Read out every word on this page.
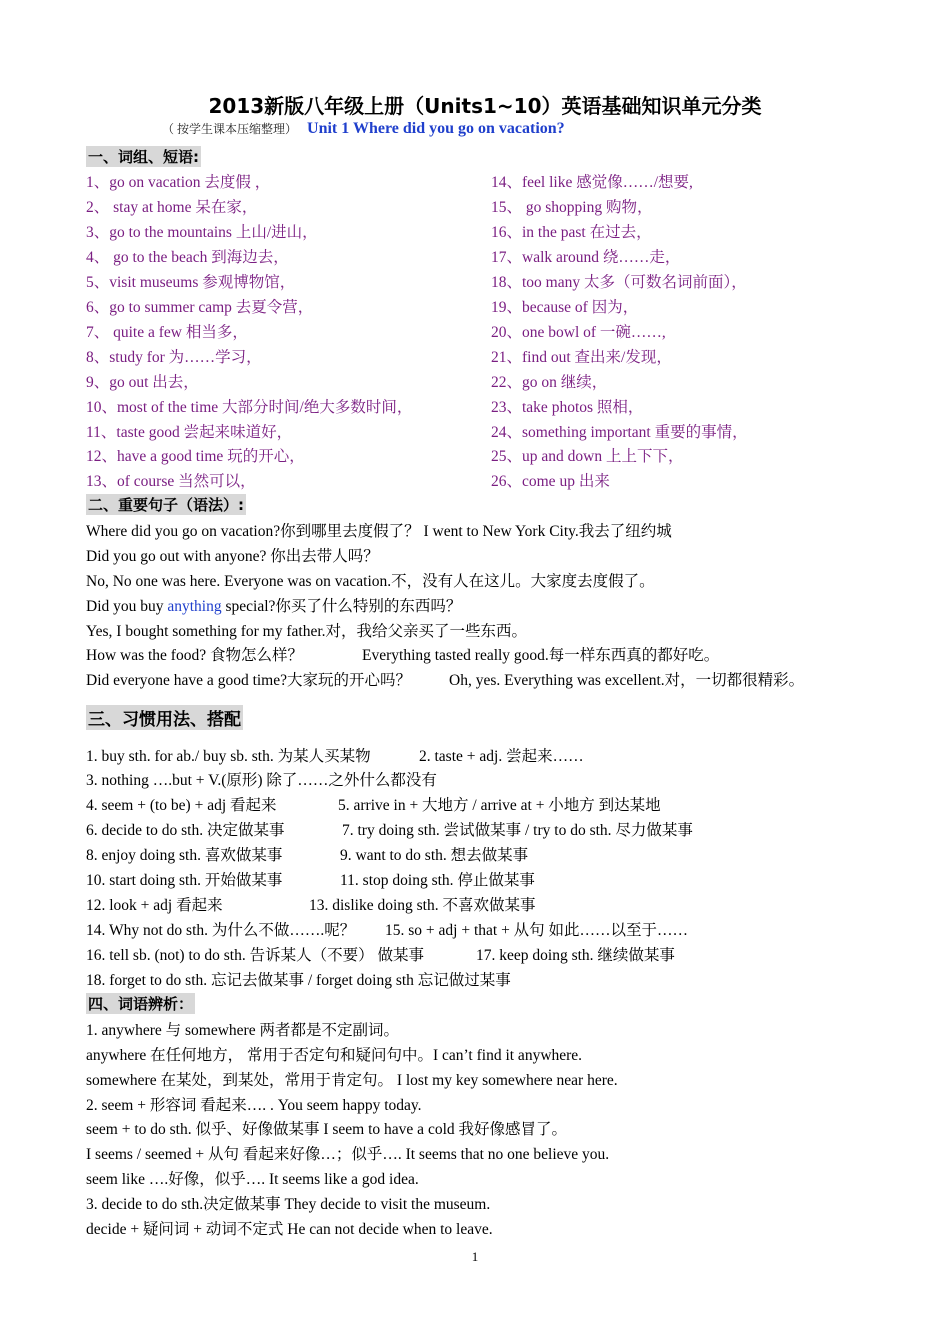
2013新版八年级上册（Units1~10）英语基础知识单元分类
（ 按学生课本压缩整理） Unit 1 Where did you go on vacation?
一、词组、短语:
1、go on vacation 去度假 ，
2、 stay at home 呆在家，
3、go to the mountains 上山/进山，
4、 go to the beach 到海边去，
5、visit museums 参观博物馆，
6、go to summer camp 去夏令营，
7、 quite a few 相当多，
8、study for 为……学习，
9、go out 出去，
10、most of the time 大部分时间/绝大多数时间，
11、taste good 尝起来味道好，
12、have a good time 玩的开心，
13、of course 当然可以，
14、feel like 感觉像……/想要,
15、 go shopping 购物，
16、in the past 在过去，
17、walk around 绕……走，
18、too many 太多（可数名词前面），
19、because of 因为，
20、one bowl of 一碗……,
21、find out 查出来/发现，
22、go on 继续，
23、take photos 照相，
24、something important 重要的事情，
25、up and down 上上下下，
26、come up 出来
二、重要句子（语法）:
Where did you go on vacation?你到哪里去度假了？ I went to New York City.我去了纽约城
Did you go out with anyone? 你出去带人吗？
No, No one was here. Everyone was on vacation.不，没有人在这儿。大家度去度假了。
Did you buy anything special?你买了什么特别的东西吗？
Yes, I bought something for my father.对，我给父亲买了一些东西。
How was the food? 食物怎么样？	Everything tasted really good.每一样东西真的都好吃。
Did everyone have a good time?大家玩的开心吗？ Oh, yes. Everything was excellent.对，一切都很精彩。
三、习惯用法、搭配
1. buy sth. for ab./ buy sb. sth. 为某人买某物	2. taste + adj. 尝起来……
3. nothing ….but + V.(原形) 除了……之外什么都没有
4. seem + (to be) + adj 看起来	5. arrive in + 大地方 / arrive at + 小地方 到达某地
6. decide to do sth. 决定做某事	7. try doing sth. 尝试做某事 / try to do sth. 尽力做某事
8. enjoy doing sth. 喜欢做某事	9. want to do sth. 想去做某事
10. start doing sth. 开始做某事	11. stop doing sth. 停止做某事
12. look + adj 看起来	13. dislike doing sth. 不喜欢做某事
14. Why not do sth. 为什么不做…….呢？ 15. so + adj + that + 从句 如此……以至于……
16. tell sb. (not) to do sth. 告诉某人（不要） 做某事	17. keep doing sth. 继续做某事
18. forget to do sth. 忘记去做某事 / forget doing sth 忘记做过某事
四、词语辨析：
1. anywhere 与 somewhere 两者都是不定副词。
anywhere 在任何地方， 常用于否定句和疑问句中。I can’t find it anywhere.
somewhere 在某处，到某处，常用于肯定句。 I lost my key somewhere near here.
2. seem + 形容词 看起来…. . You seem happy today.
seem + to do sth. 似乎、好像做某事 I seem to have a cold 我好像感冒了。
I seems / seemed + 从句 看起来好像…；似乎…. It seems that no one believe you.
seem like ….好像，似乎…. It seems like a god idea.
3. decide to do sth.决定做某事 They decide to visit the museum.
decide + 疑问词 + 动词不定式 He can not decide when to leave.
1
